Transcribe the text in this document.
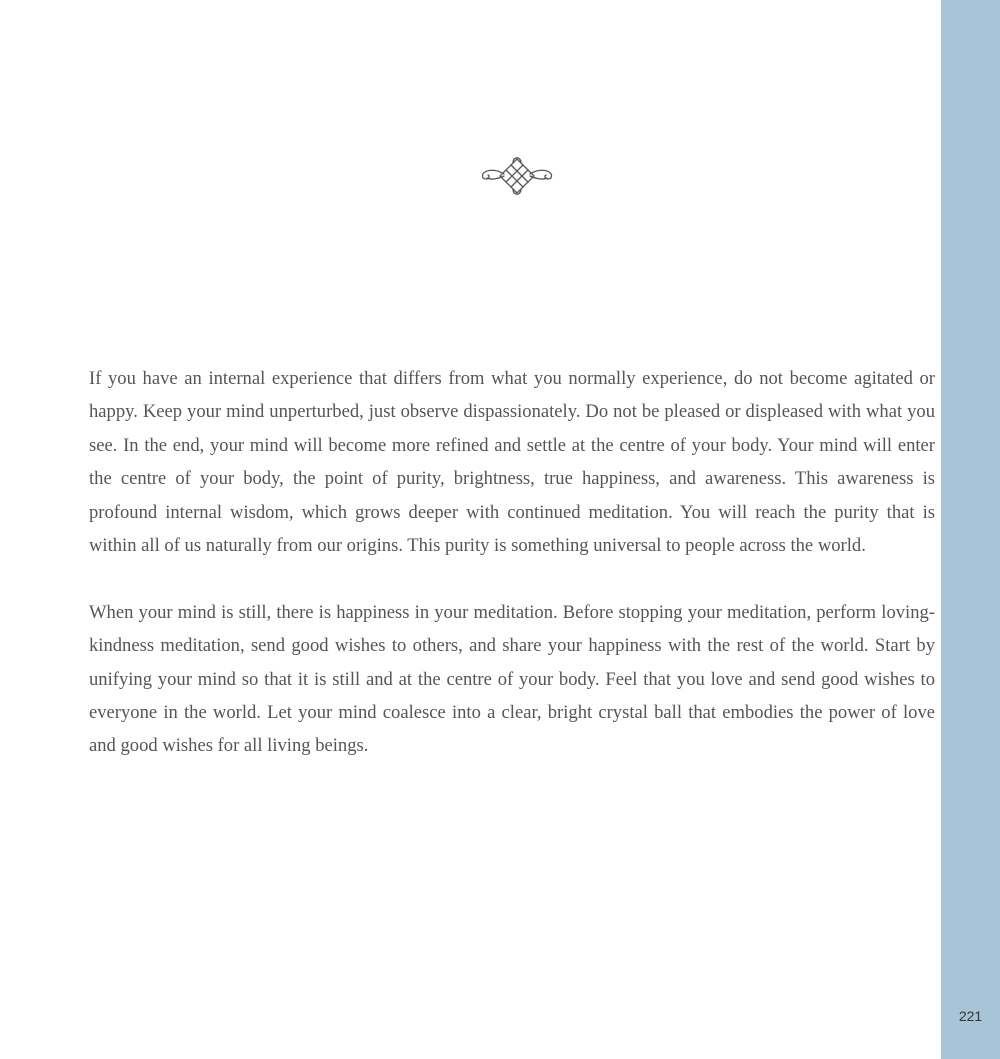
If you have an internal experience that differs from what you normally experience, do not become agitated or happy. Keep your mind unperturbed, just observe dispassionately. Do not be pleased or displeased with what you see. In the end, your mind will become more refined and settle at the centre of your body. Your mind will enter the centre of your body, the point of purity, brightness, true happiness, and awareness. This awareness is profound internal wisdom, which grows deeper with continued meditation. You will reach the purity that is within all of us naturally from our origins. This purity is something universal to people across the world.

When your mind is still, there is happiness in your meditation. Before stopping your meditation, perform loving-kindness meditation, send good wishes to others, and share your happiness with the rest of the world. Start by unifying your mind so that it is still and at the centre of your body. Feel that you love and send good wishes to everyone in the world. Let your mind coalesce into a clear, bright crystal ball that embodies the power of love and good wishes for all living beings.

221
